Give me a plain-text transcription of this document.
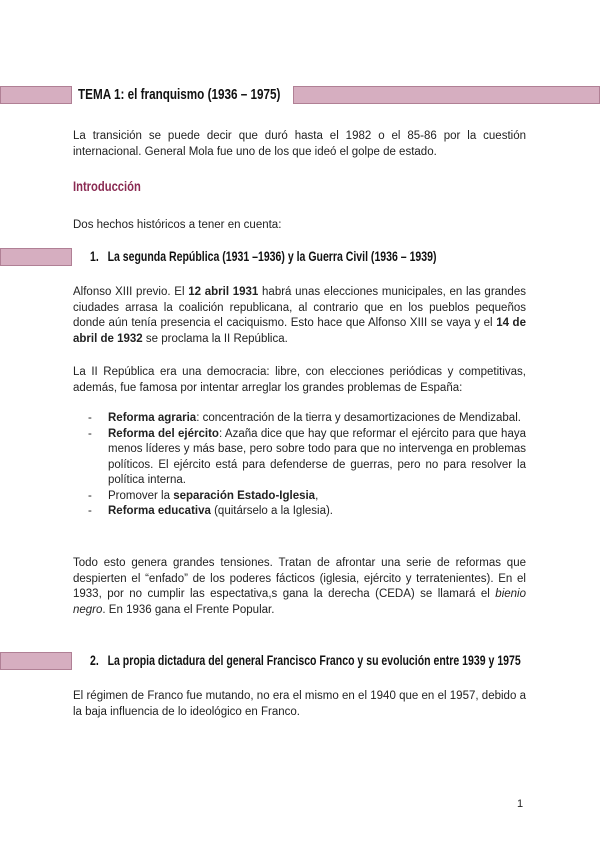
TEMA 1: el franquismo (1936 – 1975)
La transición se puede decir que duró hasta el 1982 o el 85-86 por la cuestión internacional. General Mola fue uno de los que ideó el golpe de estado.
Introducción
Dos hechos históricos a tener en cuenta:
1. La segunda República (1931 –1936) y la Guerra Civil (1936 – 1939)
Alfonso XIII previo. El 12 abril 1931 habrá unas elecciones municipales, en las grandes ciudades arrasa la coalición republicana, al contrario que en los pueblos pequeños donde aún tenía presencia el caciquismo. Esto hace que Alfonso XIII se vaya y el 14 de abril de 1932 se proclama la II República.
La II República era una democracia: libre, con elecciones periódicas y competitivas, además, fue famosa por intentar arreglar los grandes problemas de España:
- Reforma agraria: concentración de la tierra y desamortizaciones de Mendizabal.
- Reforma del ejército: Azaña dice que hay que reformar el ejército para que haya menos líderes y más base, pero sobre todo para que no intervenga en problemas políticos. El ejército está para defenderse de guerras, pero no para resolver la política interna.
- Promover la separación Estado-Iglesia,
- Reforma educativa (quitárselo a la Iglesia).
Todo esto genera grandes tensiones. Tratan de afrontar una serie de reformas que despierten el “enfado” de los poderes fácticos (iglesia, ejército y terratenientes). En el 1933, por no cumplir las espectativa,s gana la derecha (CEDA) se llamará el bienio negro. En 1936 gana el Frente Popular.
2. La propia dictadura del general Francisco Franco y su evolución entre 1939 y 1975
El régimen de Franco fue mutando, no era el mismo en el 1940 que en el 1957, debido a la baja influencia de lo ideológico en Franco.
1
